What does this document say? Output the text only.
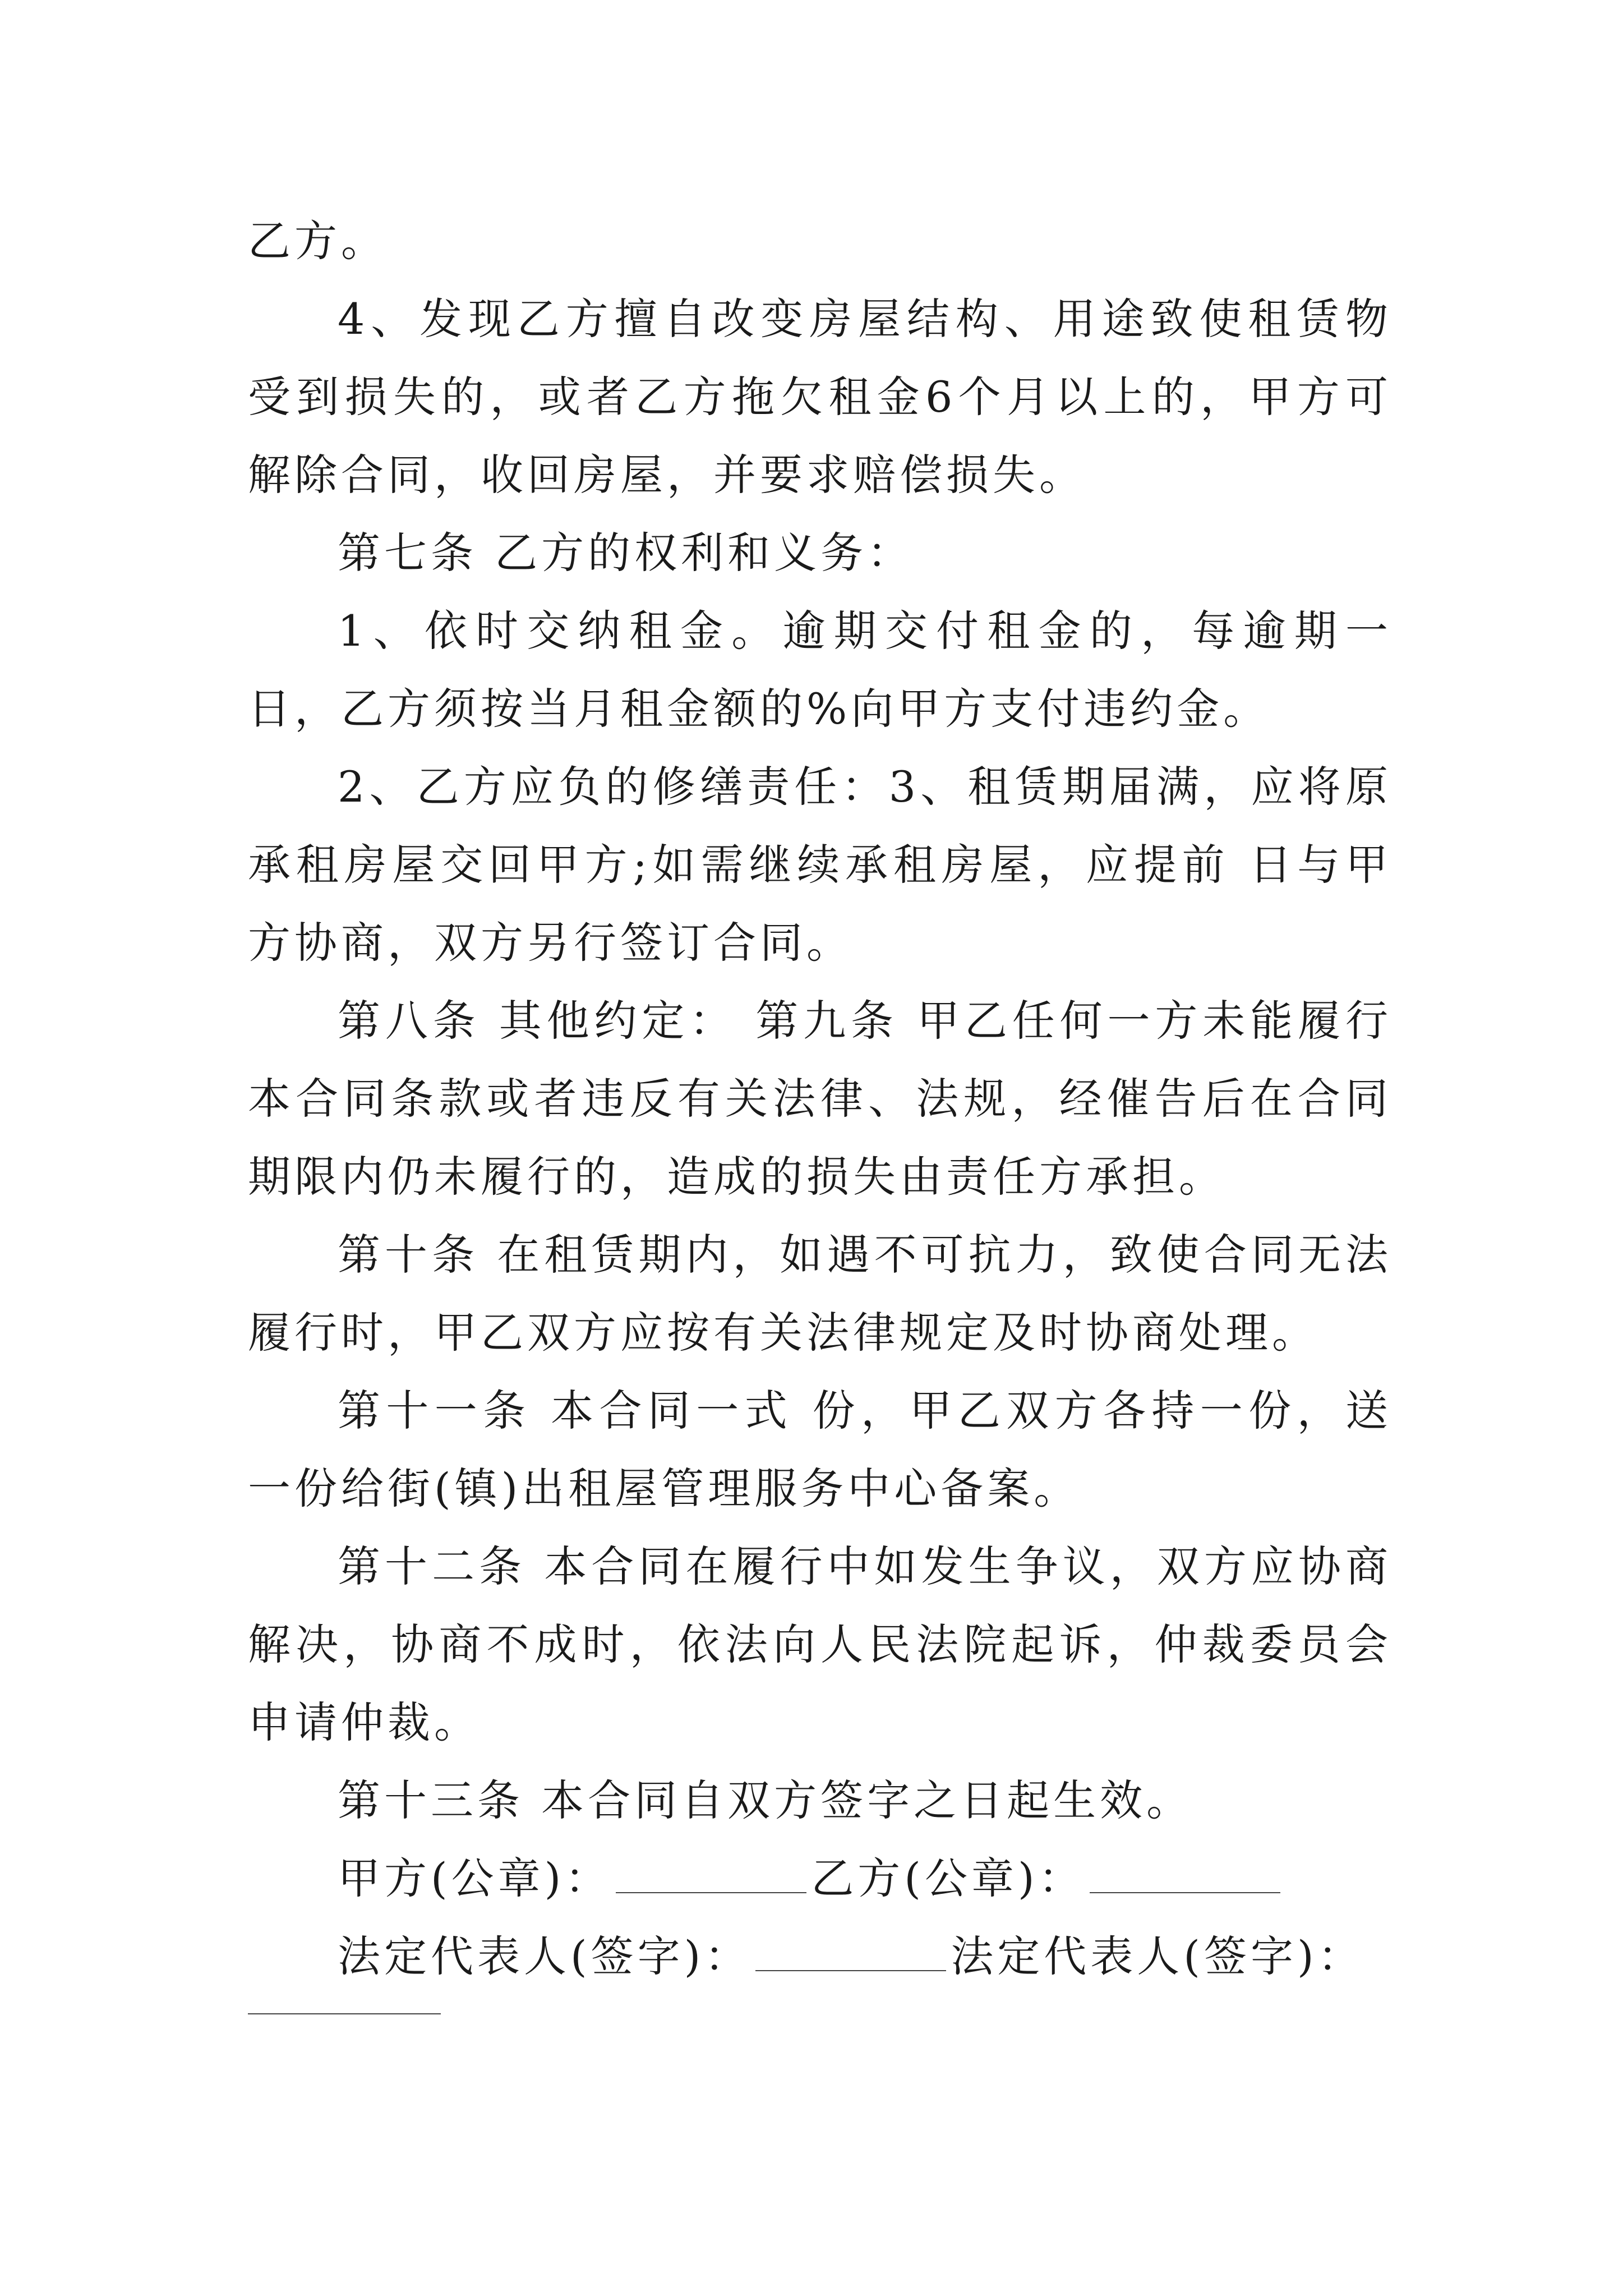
乙方。

4、发现乙方擅自改变房屋结构、用途致使租赁物受到损失的，或者乙方拖欠租金6个月以上的，甲方可解除合同，收回房屋，并要求赔偿损失。

第七条 乙方的权利和义务：

1、依时交纳租金。逾期交付租金的，每逾期一日，乙方须按当月租金额的%向甲方支付违约金。

2、乙方应负的修缮责任：3、租赁期届满，应将原承租房屋交回甲方;如需继续承租房屋，应提前 日与甲方协商，双方另行签订合同。

第八条 其他约定： 第九条 甲乙任何一方未能履行本合同条款或者违反有关法律、法规，经催告后在合同期限内仍未履行的，造成的损失由责任方承担。

第十条 在租赁期内，如遇不可抗力，致使合同无法履行时，甲乙双方应按有关法律规定及时协商处理。

第十一条 本合同一式 份，甲乙双方各持一份，送一份给街(镇)出租屋管理服务中心备案。

第十二条 本合同在履行中如发生争议，双方应协商解决，协商不成时，依法向人民法院起诉，仲裁委员会申请仲裁。

第十三条 本合同自双方签字之日起生效。

甲方(公章)：	乙方(公章)：

法定代表人(签字)：	法定代表人(签字)：
